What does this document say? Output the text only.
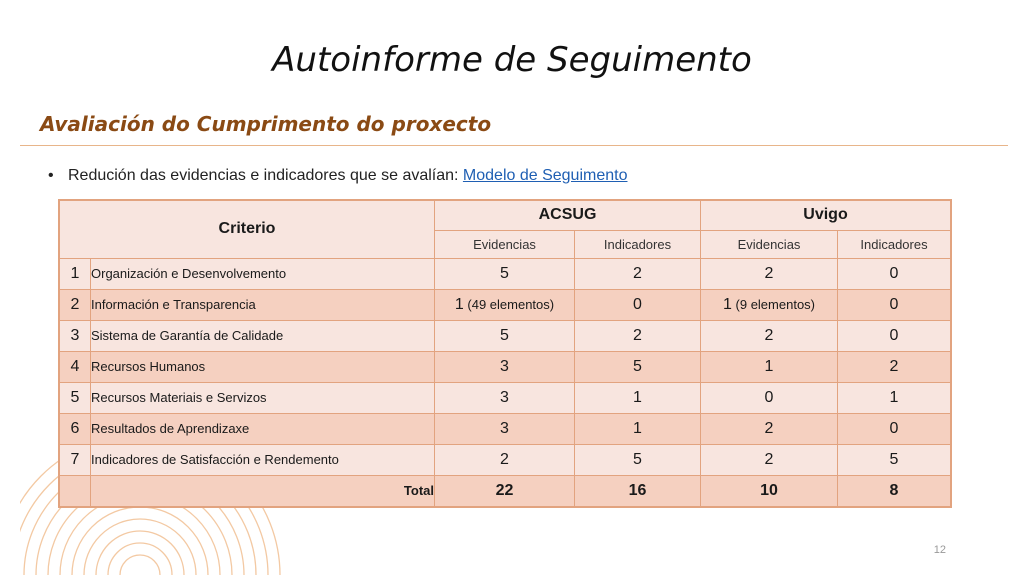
Autoinforme de Seguimento
Avaliación do Cumprimento do proxecto
• Redución das evidencias e indicadores que se avalían: Modelo de Seguimento
Criterio		ACSUG		Uvigo	
		Evidencias	Indicadores	Evidencias	Indicadores
1	Organización e Desenvolvemento	5	2	2	0
2	Información e Transparencia	1 (49 elementos)	0	1 (9 elementos)	0
3	Sistema de Garantía de Calidade	5	2	2	0
4	Recursos Humanos	3	5	1	2
5	Recursos Materiais e Servizos	3	1	0	1
6	Resultados de Aprendizaxe	3	1	2	0
7	Indicadores de Satisfacción e Rendemento	2	5	2	5
	Total	22	16	10	8
12
